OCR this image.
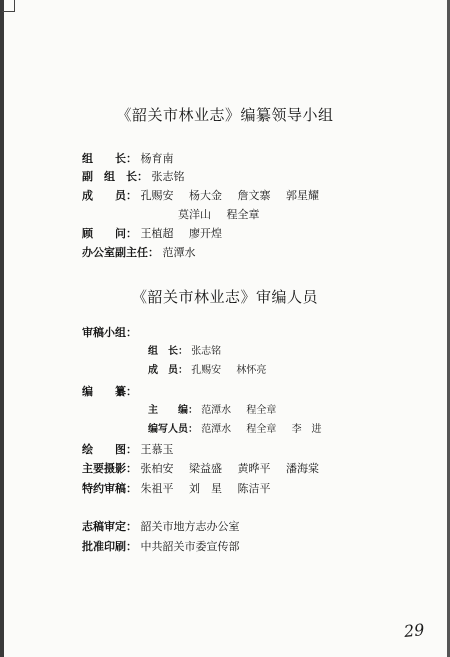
《韶关市林业志》编纂领导小组
组　　长： 杨育南
副　组　长： 张志铭
成　　员： 孔赐安 杨大金 詹文寨 郭星耀
莫洋山 程全章
顾　　问： 王植超 廖开煌
办公室副主任： 范潭水
《韶关市林业志》审编人员
审稿小组：
组　长： 张志铭
成　员： 孔赐安 林怀亮
编　　纂：
主　　编： 范潭水 程全章
编写人员： 范潭水 程全章 李　进
绘　　图： 王慕玉
主要摄影： 张柏安 梁益盛 黄晔平 潘海棠
特约审稿： 朱祖平 刘　星 陈洁平
志稿审定： 韶关市地方志办公室
批准印刷： 中共韶关市委宣传部
29
